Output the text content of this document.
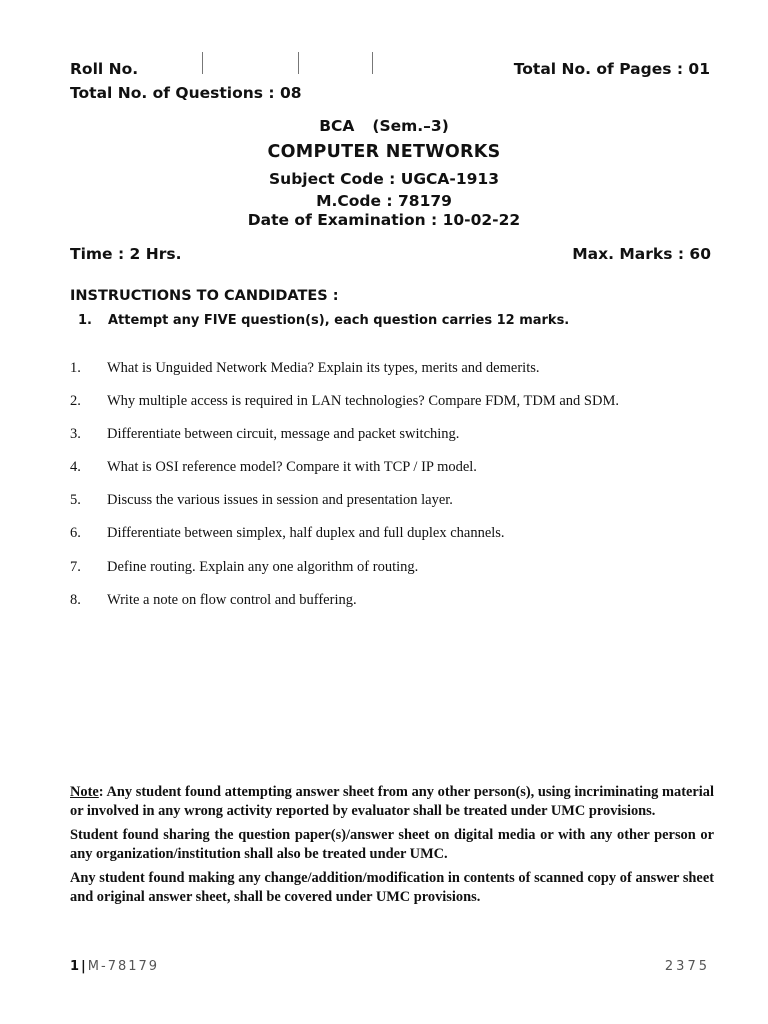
Roll No.	Total No. of Pages : 01
Total No. of Questions : 08
BCA (Sem.–3)
COMPUTER NETWORKS
Subject Code : UGCA-1913
M.Code : 78179
Date of Examination : 10-02-22
Time : 2 Hrs.	Max. Marks : 60
INSTRUCTIONS TO CANDIDATES :
1. Attempt any FIVE question(s), each question carries 12 marks.
1. What is Unguided Network Media? Explain its types, merits and demerits.
2. Why multiple access is required in LAN technologies? Compare FDM, TDM and SDM.
3. Differentiate between circuit, message and packet switching.
4. What is OSI reference model? Compare it with TCP / IP model.
5. Discuss the various issues in session and presentation layer.
6. Differentiate between simplex, half duplex and full duplex channels.
7. Define routing. Explain any one algorithm of routing.
8. Write a note on flow control and buffering.

Note: Any student found attempting answer sheet from any other person(s), using incriminating material or involved in any wrong activity reported by evaluator shall be treated under UMC provisions.

Student found sharing the question paper(s)/answer sheet on digital media or with any other person or any organization/institution shall also be treated under UMC.

Any student found making any change/addition/modification in contents of scanned copy of answer sheet and original answer sheet, shall be covered under UMC provisions.

1|M-78179	2375
